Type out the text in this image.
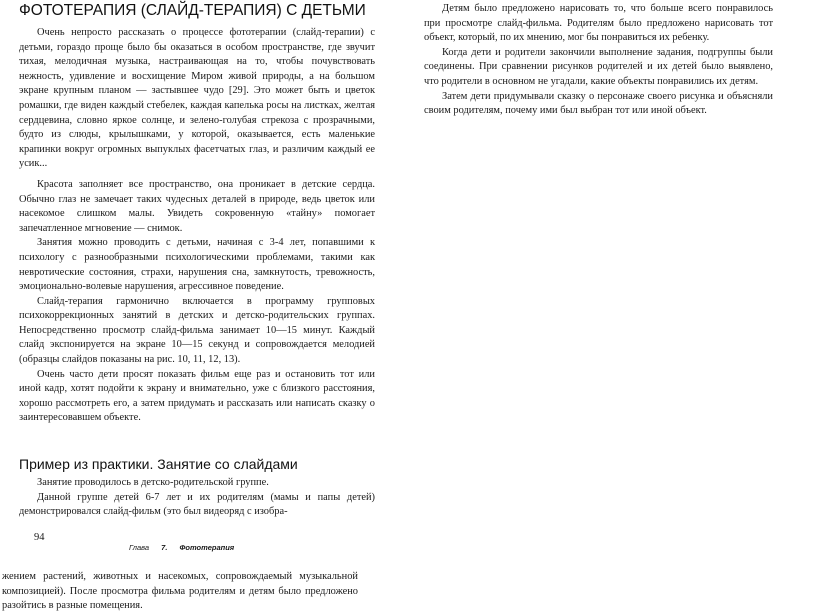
ФОТОТЕРАПИЯ (СЛАЙД-ТЕРАПИЯ) С ДЕТЬМИ

Очень непросто рассказать о процессе фототерапии (слайд-терапии) с детьми, гораздо проще было бы оказаться в особом пространстве, где звучит тихая, мелодичная музыка, настраивающая на то, чтобы почувствовать нежность, удивление и восхищение Миром живой природы, а на большом экране крупным планом — застывшее чудо [29]. Это может быть и цветок ромашки, где виден каждый стебелек, каждая капелька росы на листках, желтая сердцевина, словно яркое солнце, и зелено-голубая стрекоза с прозрачными, будто из слюды, крылышками, у которой, оказывается, есть маленькие крапинки вокруг огромных выпуклых фасетчатых глаз, и различим каждый ее усик...

Красота заполняет все пространство, она проникает в детские сердца. Обычно глаз не замечает таких чудесных деталей в природе, ведь цветок или насекомое слишком малы. Увидеть сокровенную «тайну» помогает запечатленное мгновение — снимок.

Занятия можно проводить с детьми, начиная с 3-4 лет, попавшими к психологу с разнообразными психологическими проблемами, такими как невротические состояния, страхи, нарушения сна, замкнутость, тревожность, эмоционально-волевые нарушения, агрессивное поведение.

Слайд-терапия гармонично включается в программу групповых психокоррекционных занятий в детских и детско-родительских группах. Непосредственно просмотр слайд-фильма занимает 10—15 минут. Каждый слайд экспонируется на экране 10—15 секунд и сопровождается мелодией (образцы слайдов показаны на рис. 10, 11, 12, 13).

Очень часто дети просят показать фильм еще раз и остановить тот или иной кадр, хотят подойти к экрану и внимательно, уже с близкого расстояния, хорошо рассмотреть его, а затем придумать и рассказать или написать сказку о заинтересовавшем объекте.

Пример из практики. Занятие со слайдами

Занятие проводилось в детско-родительской группе.

Данной группе детей 6-7 лет и их родителям (мамы и папы детей) демонстрировался слайд-фильм (это был видеоряд с изобра-

94
Глава 7. Фототерапия

жением растений, животных и насекомых, сопровождаемый музыкальной композицией). После просмотра фильма родителям и детям было предложено разойтись в разные помещения.

Детям было предложено нарисовать то, что больше всего понравилось при просмотре слайд-фильма. Родителям было предложено нарисовать тот объект, который, по их мнению, мог бы понравиться их ребенку.

Когда дети и родители закончили выполнение задания, подгруппы были соединены. При сравнении рисунков родителей и их детей было выявлено, что родители в основном не угадали, какие объекты понравились их детям.

Затем дети придумывали сказку о персонаже своего рисунка и объясняли своим родителям, почему ими был выбран тот или иной объект.
